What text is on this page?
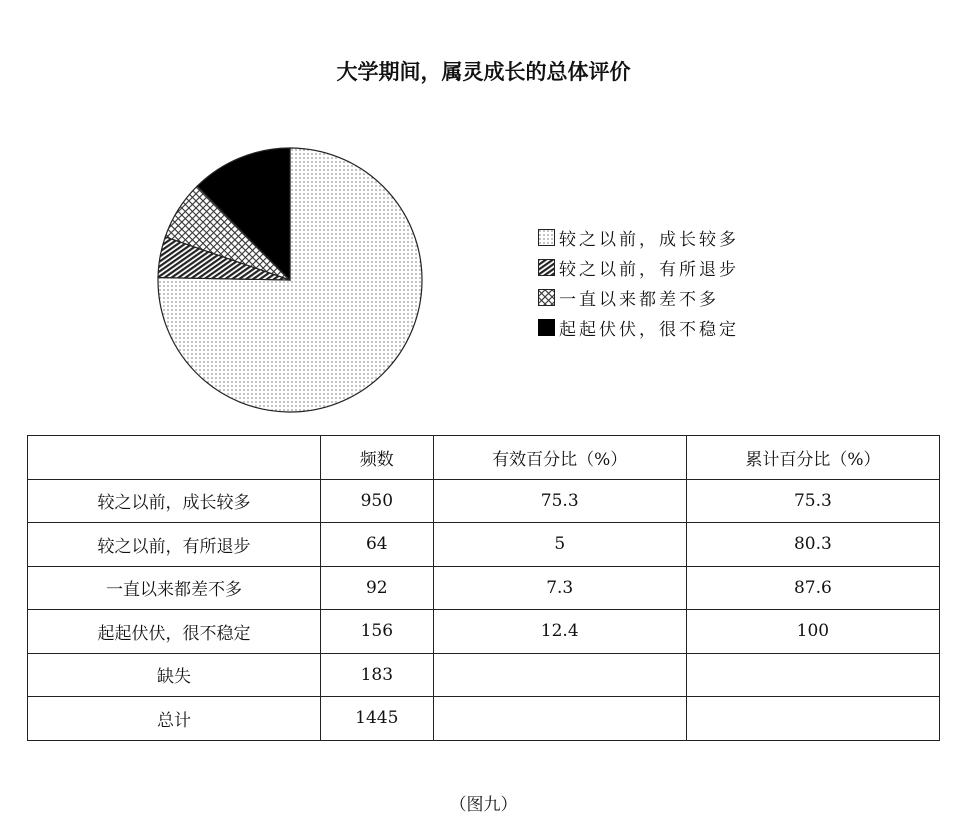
大学期间，属灵成长的总体评价
较之以前，成长较多
较之以前，有所退步
一直以来都差不多
起起伏伏，很不稳定
	频数	有效百分比（%）	累计百分比（%）
较之以前，成长较多	950	75.3	75.3
较之以前，有所退步	64	5	80.3
一直以来都差不多	92	7.3	87.6
起起伏伏，很不稳定	156	12.4	100
缺失	183		
总计	1445		
（图九）
